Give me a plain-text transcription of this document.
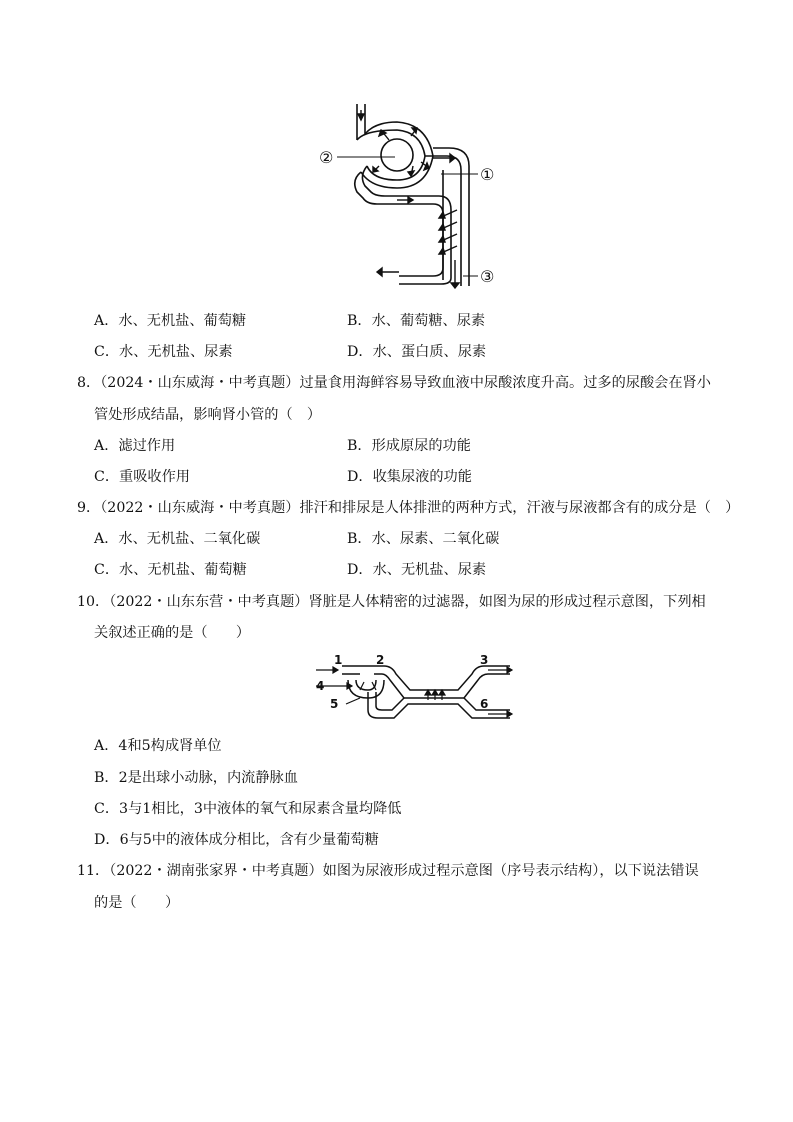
②
①
③
A．水、无机盐、葡萄糖	B．水、葡萄糖、尿素
C．水、无机盐、尿素	D．水、蛋白质、尿素
8．（2024・山东威海・中考真题）过量食用海鲜容易导致血液中尿酸浓度升高。过多的尿酸会在肾小
管处形成结晶，影响肾小管的（　）
A．滤过作用	B．形成原尿的功能
C．重吸收作用	D．收集尿液的功能
9．（2022・山东威海・中考真题）排汗和排尿是人体排泄的两种方式，汗液与尿液都含有的成分是（　）
A．水、无机盐、二氧化碳	B．水、尿素、二氧化碳
C．水、无机盐、葡萄糖	D．水、无机盐、尿素
10．（2022・山东东营・中考真题）肾脏是人体精密的过滤器，如图为尿的形成过程示意图，下列相
关叙述正确的是（　　）
1	2	3
4
5	6
A．4和5构成肾单位
B．2是出球小动脉，内流静脉血
C．3与1相比，3中液体的氧气和尿素含量均降低
D．6与5中的液体成分相比，含有少量葡萄糖
11．（2022・湖南张家界・中考真题）如图为尿液形成过程示意图（序号表示结构），以下说法错误
的是（　　）
